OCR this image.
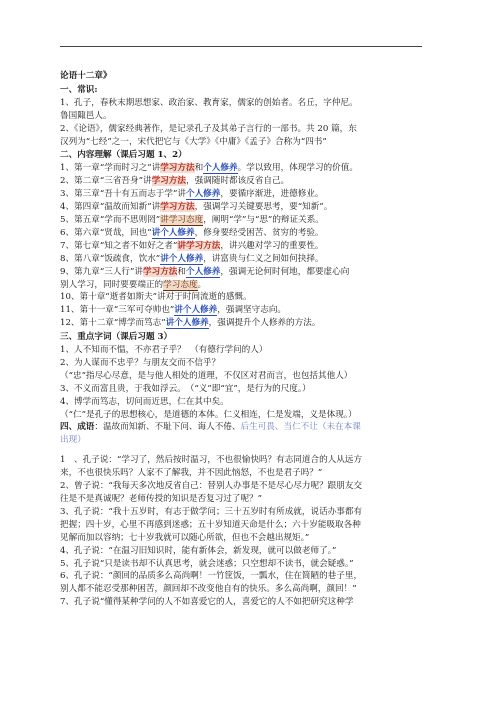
论语十二章》
一、常识:
1、孔子，春秋末期思想家、政治家、教育家，儒家的创始者。名丘，字仲尼。
鲁国陬邑人。
2、《论语》，儒家经典著作，是记录孔子及其弟子言行的一部书。共 20 篇，东
汉列为“七经”之一，宋代把它与《大学》《中庸》《孟子》合称为“四书”
二、内容理解（课后习题 1、2）
1、第一章“学而时习之”讲学习方法和个人修养。学以致用，体现学习的价值。
2、第二章“三省吾身”讲学习方法，强调随时都该反省自己。
3、第三章“吾十有五而志于学”讲个人修养，要循序渐进，进德修业。
4、第四章“温故而知新”讲学习方法，强调学习关键要思考，要“知新”。
5、第五章“学而不思则罔”讲学习态度，阐明“学”与“思”的辩证关系。
6、第六章“贤哉，回也”讲个人修养，修身要经受困苦、贫穷的考验。
7、第七章“知之者不如好之者”讲学习方法，讲兴趣对学习的重要性。
8、第八章“饭疏食，饮水”讲个人修养，讲富贵与仁义之间如何抉择。
9、第九章“三人行”讲学习方法和个人修养，强调无论何时何地，都要虚心向
别人学习，同时要要端正的学习态度。
10、第十章“逝者如斯夫”讲对于时间流逝的感慨。
11、第十一章“三军可夺帅也”讲个人修养，强调坚守志向。
12、第十二章“博学而笃志”讲个人修养，强调提升个人修养的方法。
三、重点字词（课后习题 3）
1、人不知而不愠，不亦君子乎？　（有德行学问的人）
2、为人谋而不忠乎？与朋友交而不信乎？
（“忠”指尽心尽意，是与他人相处的道理，不仅区对君而言，也包括其他人）
3、不义而富且贵，于我如浮云。　（“义”即“宜”，是行为的尺度。）
4、博学而笃志，切问而近思，仁在其中矣。
（“仁”是孔子的思想核心，是道德的本体。仁义相连，仁是发端，义是体现。）
四、成语：温故而知新、不耻下问、诲人不倦、后生可畏、当仁不让（未在本课
出现）
1　、孔子说：“学习了，然后按时温习，不也很愉快吗？有志同道合的人从远方
来，不也很快乐吗？人家不了解我，并不因此恼怒，不也是君子吗？”
2、曾子说：“我每天多次地反省自己：替别人办事是不是尽心尽力呢？跟朋友交
往是不是真诚呢？老师传授的知识是否复习过了呢？”
3、孔子说：“我十五岁时，有志于做学问；三十五岁时有所成就，说话办事都有
把握；四十岁，心里不再感到迷惑；五十岁知道天命是什么；六十岁能吸取各种
见解而加以容纳；七十岁我就可以随心所欲，但也不会越出规矩。”
4、孔子说：“在温习旧知识时，能有新体会，新发现，就可以做老师了。”
5、孔子说“只是读书却不认真思考，就会迷惑；只空想却不读书，就会疑惑。”
6、孔子说：“颜回的品质多么高尚啊！一竹筐饭，一瓢水，住在简陋的巷子里，
别人都不能忍受那种困苦，颜回却不改变他自有的快乐。多么高尚啊，颜回！”
7、孔子说“懂得某种学问的人不如喜爱它的人，喜爱它的人不如把研究这种学
